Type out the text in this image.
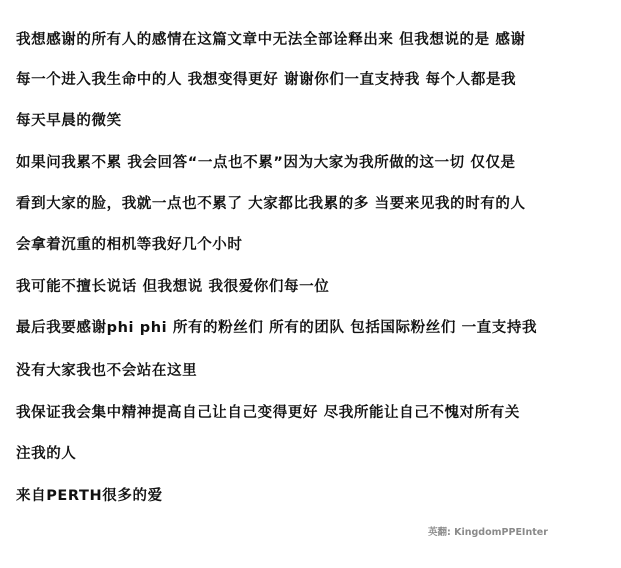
我想感谢的所有人的感情在这篇文章中无法全部诠释出来 但我想说的是 感谢
每一个进入我生命中的人 我想变得更好 谢谢你们一直支持我 每个人都是我
每天早晨的微笑
如果问我累不累 我会回答“一点也不累”因为大家为我所做的这一切 仅仅是
看到大家的脸，我就一点也不累了 大家都比我累的多 当要来见我的时有的人
会拿着沉重的相机等我好几个小时
我可能不擅长说话 但我想说 我很爱你们每一位
最后我要感谢phi phi 所有的粉丝们 所有的团队 包括国际粉丝们 一直支持我
没有大家我也不会站在这里
我保证我会集中精神提高自己让自己变得更好 尽我所能让自己不愧对所有关
注我的人
来自PERTH很多的爱
英翻: KingdomPPEInter
